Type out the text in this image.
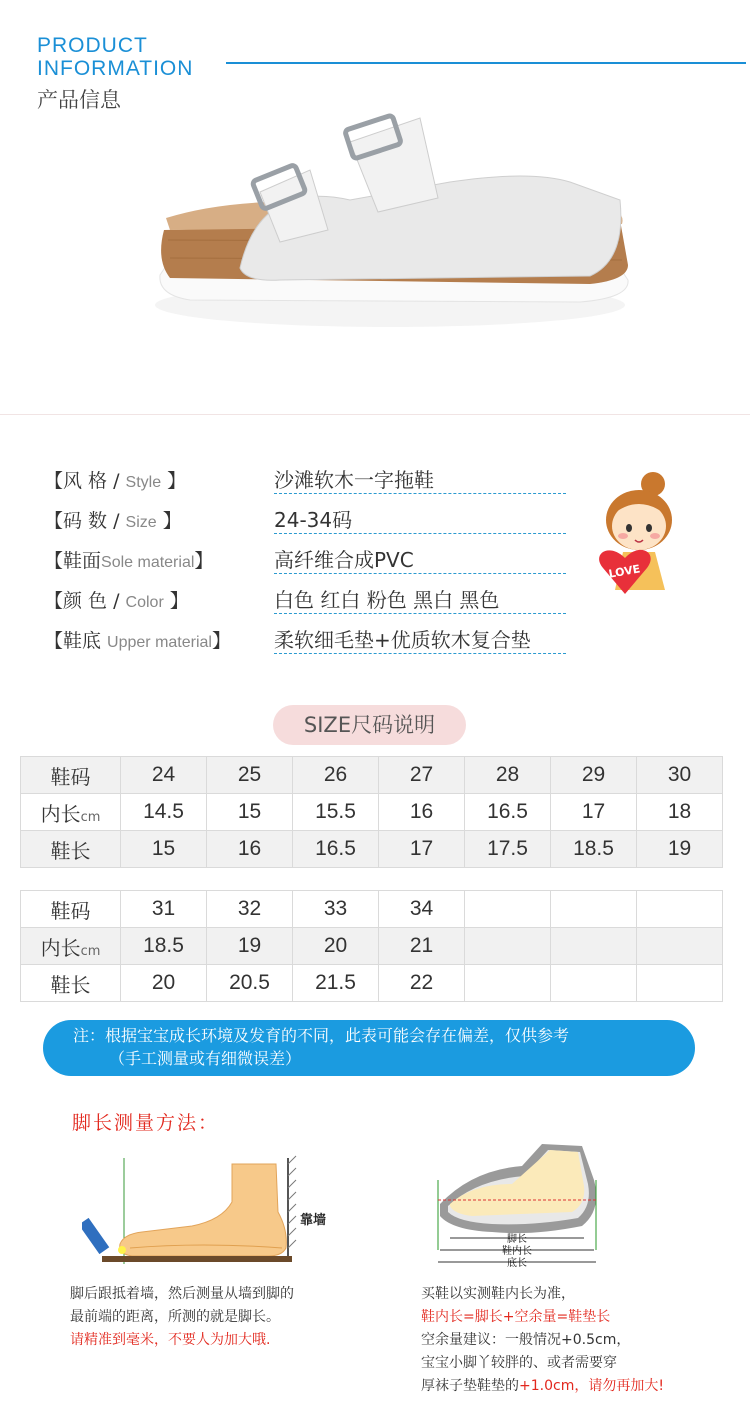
PRODUCT
INFORMATION
产品信息
【风 格 / Style 】	沙滩软木一字拖鞋
【码 数 / Size 】	24-34码
【鞋面Sole material】	高纤维合成PVC
【颜 色 / Color 】	白色 红白 粉色 黑白 黑色
【鞋底 Upper material】 柔软细毛垫+优质软木复合垫
LOVE
SIZE尺码说明
鞋码	24	25	26	27	28	29	30
内长cm	14.5	15	15.5	16	16.5	17	18
鞋长	15	16	16.5	17	17.5	18.5	19
鞋码	31	32	33	34			
内长cm	18.5	19	20	21			
鞋长	20	20.5	21.5	22			
注：根据宝宝成长环境及发育的不同，此表可能会存在偏差，仅供参考
（手工测量或有细微误差）
脚长测量方法：
靠墙
脚长
鞋内长
底长
脚后跟抵着墙，然后测量从墙到脚的
最前端的距离，所测的就是脚长。
请精准到毫米，不要人为加大哦.
买鞋以实测鞋内长为准，
鞋内长=脚长+空余量=鞋垫长
空余量建议：一般情况+0.5cm，
宝宝小脚丫较胖的、或者需要穿
厚袜子垫鞋垫的+1.0cm，请勿再加大!
